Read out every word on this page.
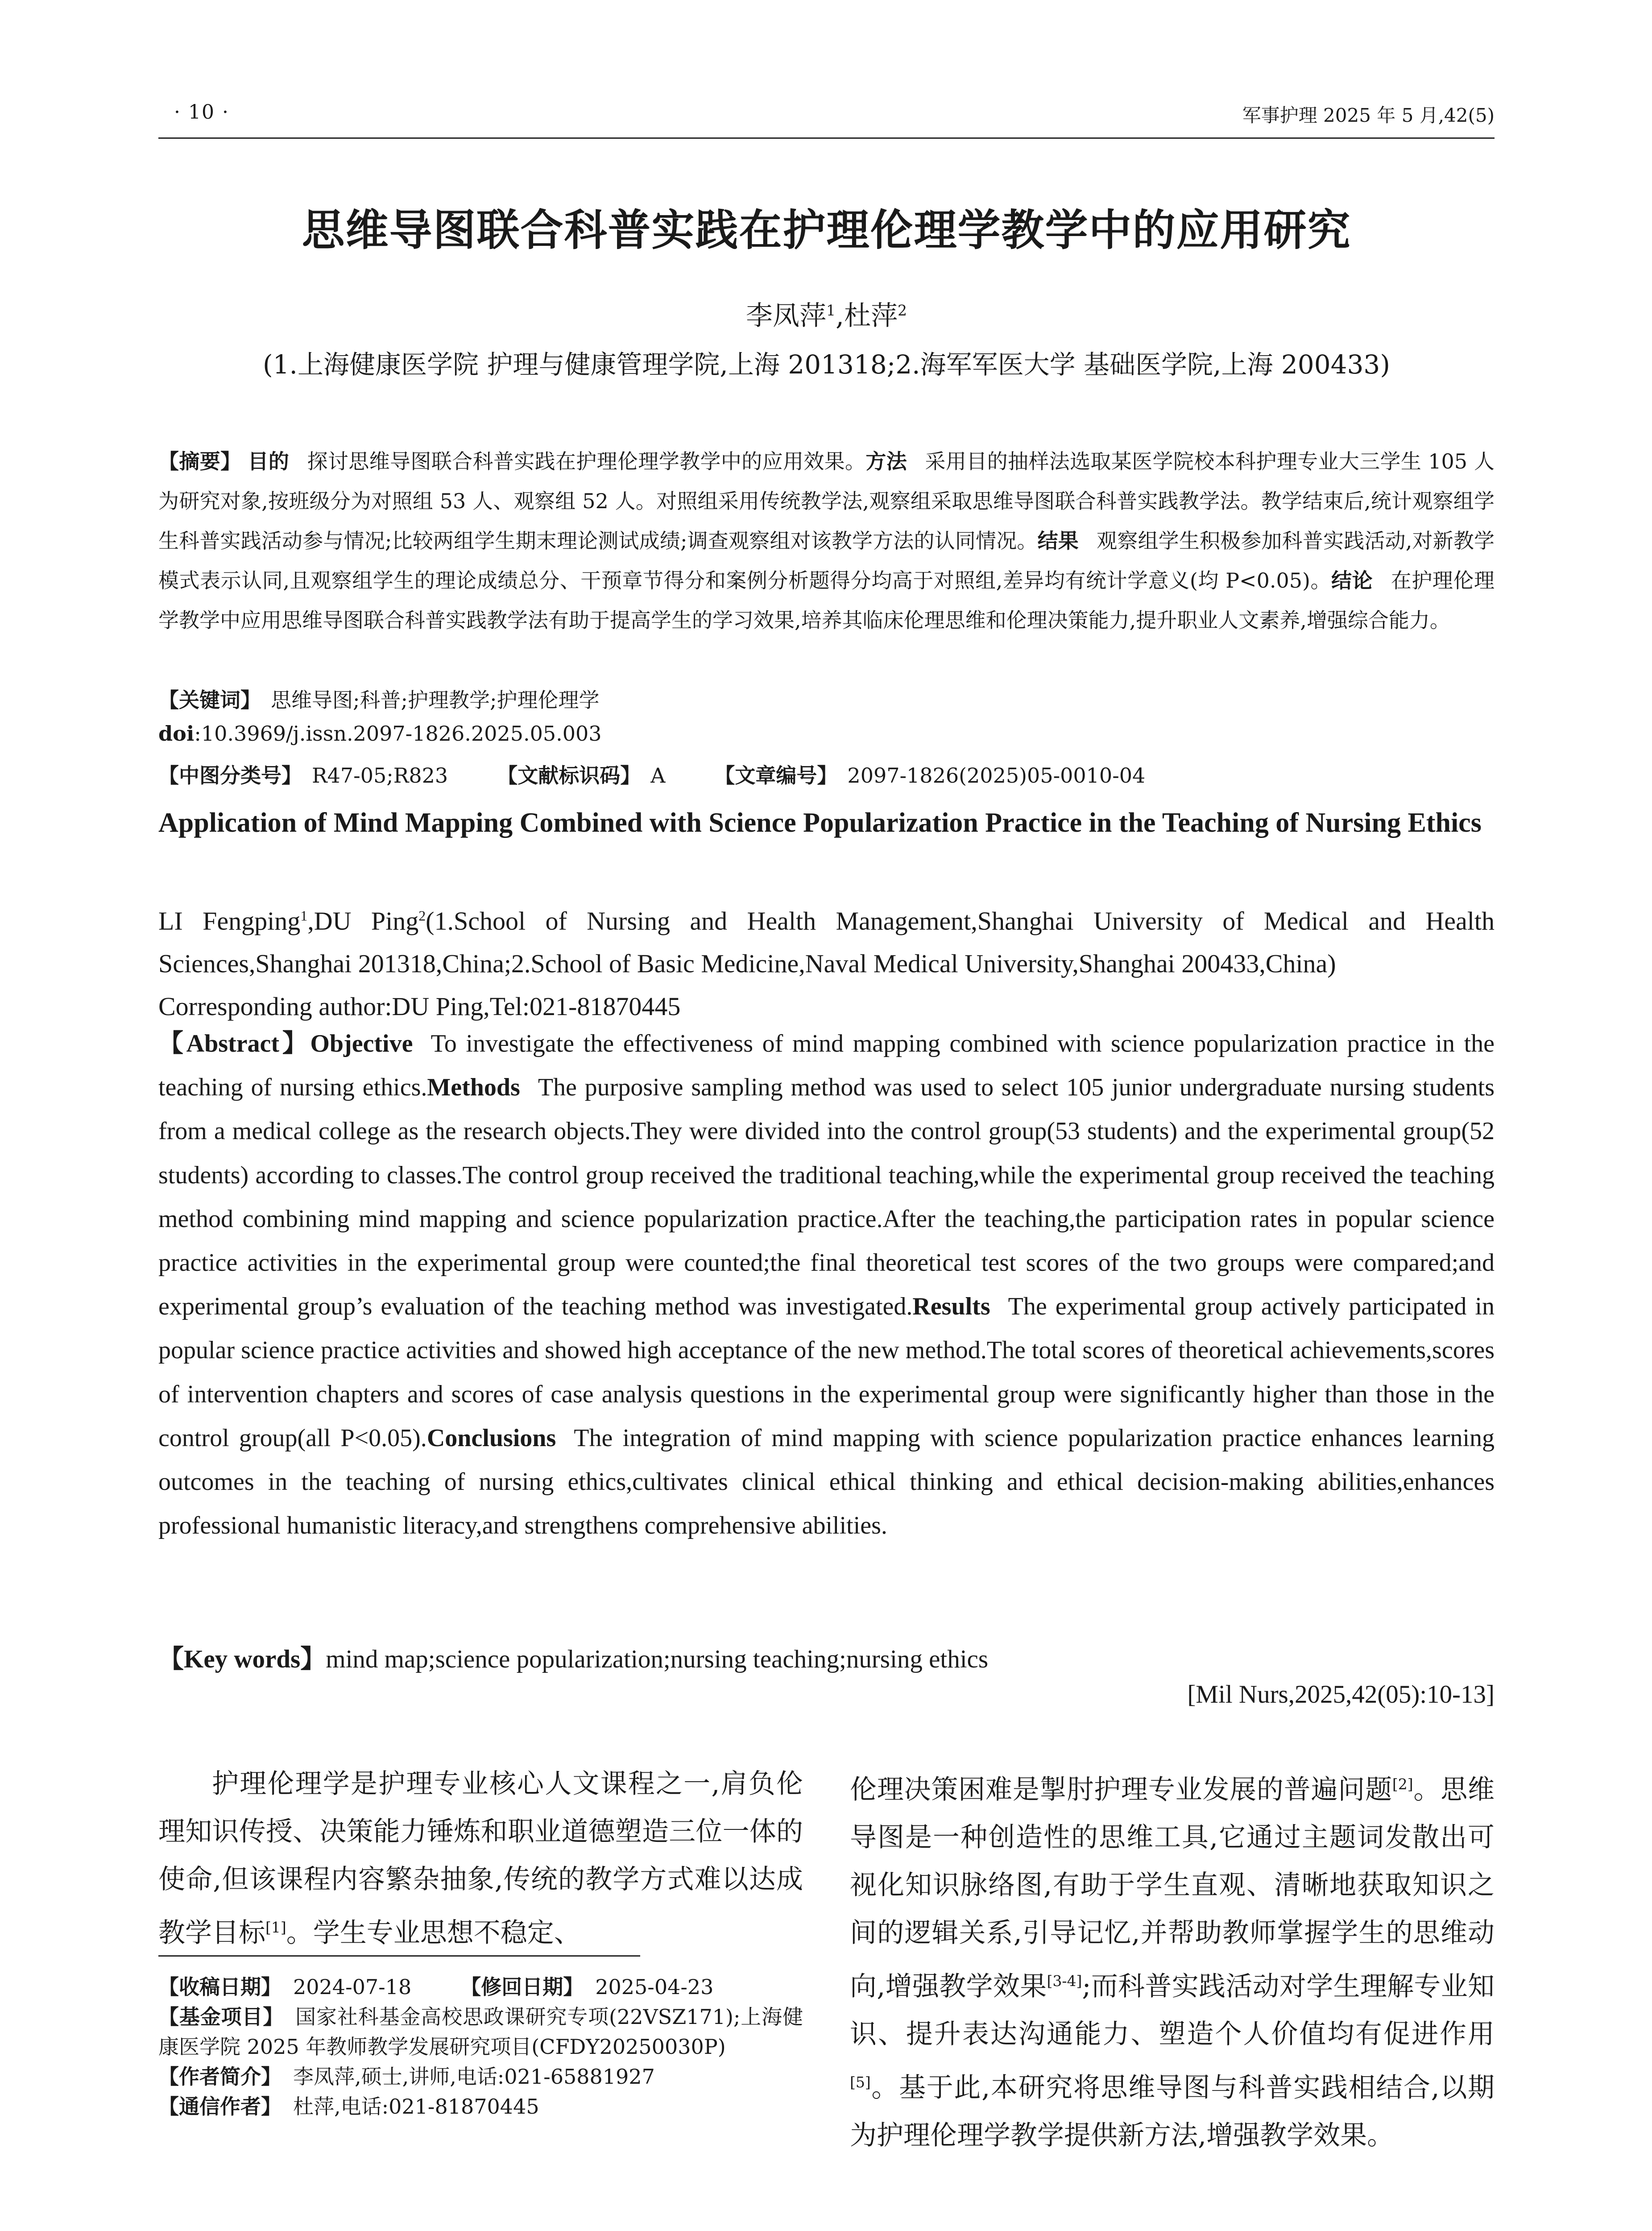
· 10 ·	军事护理 2025 年 5 月,42(5)
思维导图联合科普实践在护理伦理学教学中的应用研究
李凤萍$^1$,杜萍$^2$
(1.上海健康医学院 护理与健康管理学院,上海 201318;2.海军军医大学 基础医学院,上海 200433)
【摘要】 目的 探讨思维导图联合科普实践在护理伦理学教学中的应用效果。方法 采用目的抽样法选取某医学院校本科护理专业大三学生 105 人为研究对象,按班级分为对照组 53 人、观察组 52 人。对照组采用传统教学法,观察组采取思维导图联合科普实践教学法。教学结束后,统计观察组学生科普实践活动参与情况;比较两组学生期末理论测试成绩;调查观察组对该教学方法的认同情况。结果 观察组学生积极参加科普实践活动,对新教学模式表示认同,且观察组学生的理论成绩总分、干预章节得分和案例分析题得分均高于对照组,差异均有统计学意义(均 P<0.05)。结论 在护理伦理学教学中应用思维导图联合科普实践教学法有助于提高学生的学习效果,培养其临床伦理思维和伦理决策能力,提升职业人文素养,增强综合能力。
【关键词】 思维导图;科普;护理教学;护理伦理学
doi:10.3969/j.issn.2097-1826.2025.05.003
【中图分类号】 R47-05;R823 【文献标识码】 A 【文章编号】 2097-1826(2025)05-0010-04
Application of Mind Mapping Combined with Science Popularization Practice in the Teaching of Nursing Ethics
LI Fengping$^1$,DU Ping$^2$(1.School of Nursing and Health Management,Shanghai University of Medical and Health Sciences,Shanghai 201318,China;2.School of Basic Medicine,Naval Medical University,Shanghai 200433,China)
Corresponding author:DU Ping,Tel:021-81870445
【Abstract】Objective To investigate the effectiveness of mind mapping combined with science popularization practice in the teaching of nursing ethics.Methods The purposive sampling method was used to select 105 junior undergraduate nursing students from a medical college as the research objects.They were divided into the control group(53 students) and the experimental group(52 students) according to classes.The control group received the traditional teaching,while the experimental group received the teaching method combining mind mapping and science popularization practice.After the teaching,the participation rates in popular science practice activities in the experimental group were counted;the final theoretical test scores of the two groups were compared;and experimental group’s evaluation of the teaching method was investigated.Results The experimental group actively participated in popular science practice activities and showed high acceptance of the new method.The total scores of theoretical achievements,scores of intervention chapters and scores of case analysis questions in the experimental group were significantly higher than those in the control group(all P<0.05).Conclusions The integration of mind mapping with science popularization practice enhances learning outcomes in the teaching of nursing ethics,cultivates clinical ethical thinking and ethical decision-making abilities,enhances professional humanistic literacy,and strengthens comprehensive abilities.
【Key words】mind map;science popularization;nursing teaching;nursing ethics
[Mil Nurs,2025,42(05):10-13]

护理伦理学是护理专业核心人文课程之一,肩负伦理知识传授、决策能力锤炼和职业道德塑造三位一体的使命,但该课程内容繁杂抽象,传统的教学方式难以达成教学目标[1]。学生专业思想不稳定、

【收稿日期】 2024-07-18 【修回日期】 2025-04-23
【基金项目】 国家社科基金高校思政课研究专项(22VSZ171);上海健康医学院 2025 年教师教学发展研究项目(CFDY20250030P)
【作者简介】 李凤萍,硕士,讲师,电话:021-65881927
【通信作者】 杜萍,电话:021-81870445

伦理决策困难是掣肘护理专业发展的普遍问题[2]。思维导图是一种创造性的思维工具,它通过主题词发散出可视化知识脉络图,有助于学生直观、清晰地获取知识之间的逻辑关系,引导记忆,并帮助教师掌握学生的思维动向,增强教学效果[3-4];而科普实践活动对学生理解专业知识、提升表达沟通能力、塑造个人价值均有促进作用[5]。基于此,本研究将思维导图与科普实践相结合,以期为护理伦理学教学提供新方法,增强教学效果。
